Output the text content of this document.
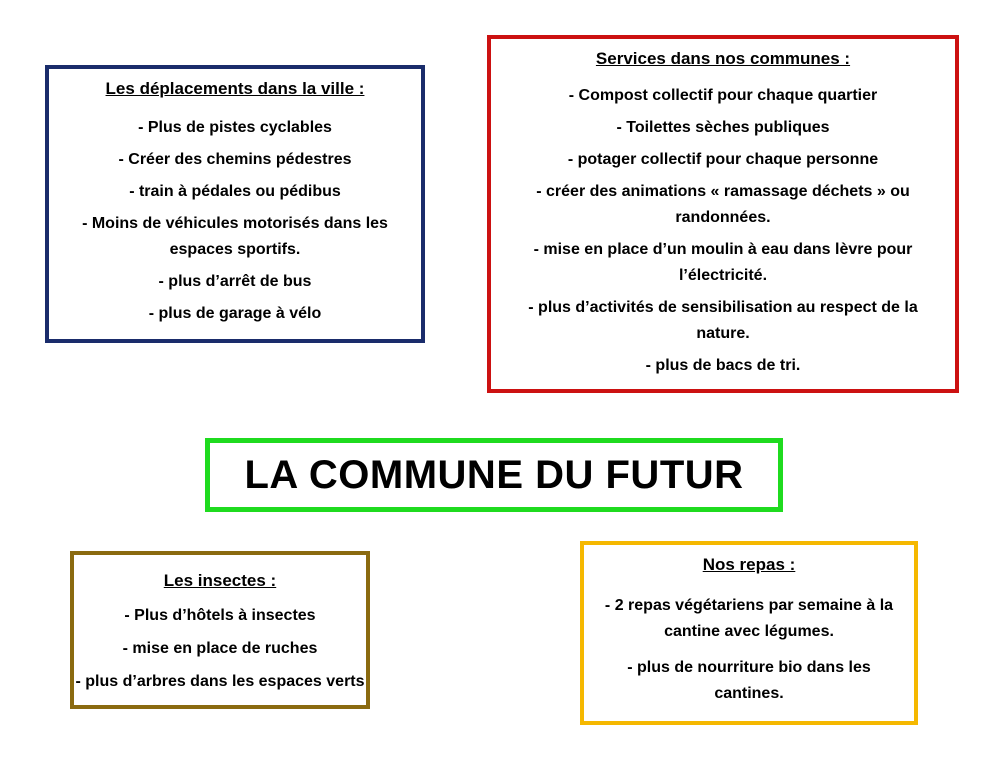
Les déplacements dans la ville :

- Plus de pistes cyclables
- Créer des chemins pédestres
- train à pédales ou pédibus
- Moins de véhicules motorisés dans les
espaces sportifs.
- plus d’arrêt de bus
- plus de garage à vélo

Services dans nos communes :

- Compost collectif pour chaque quartier
- Toilettes sèches publiques
- potager collectif pour chaque personne
- créer des animations « ramassage déchets » ou
randonnées.
- mise en place d’un moulin à eau dans lèvre pour
l’électricité.
- plus d’activités de sensibilisation au respect de la
nature.
- plus de bacs de tri.
LA COMMUNE DU FUTUR

Les insectes :

- Plus d’hôtels à insectes
- mise en place de ruches
- plus d’arbres dans les espaces verts

Nos repas :

- 2 repas végétariens par semaine à la
cantine avec légumes.
- plus de nourriture bio dans les
cantines.
